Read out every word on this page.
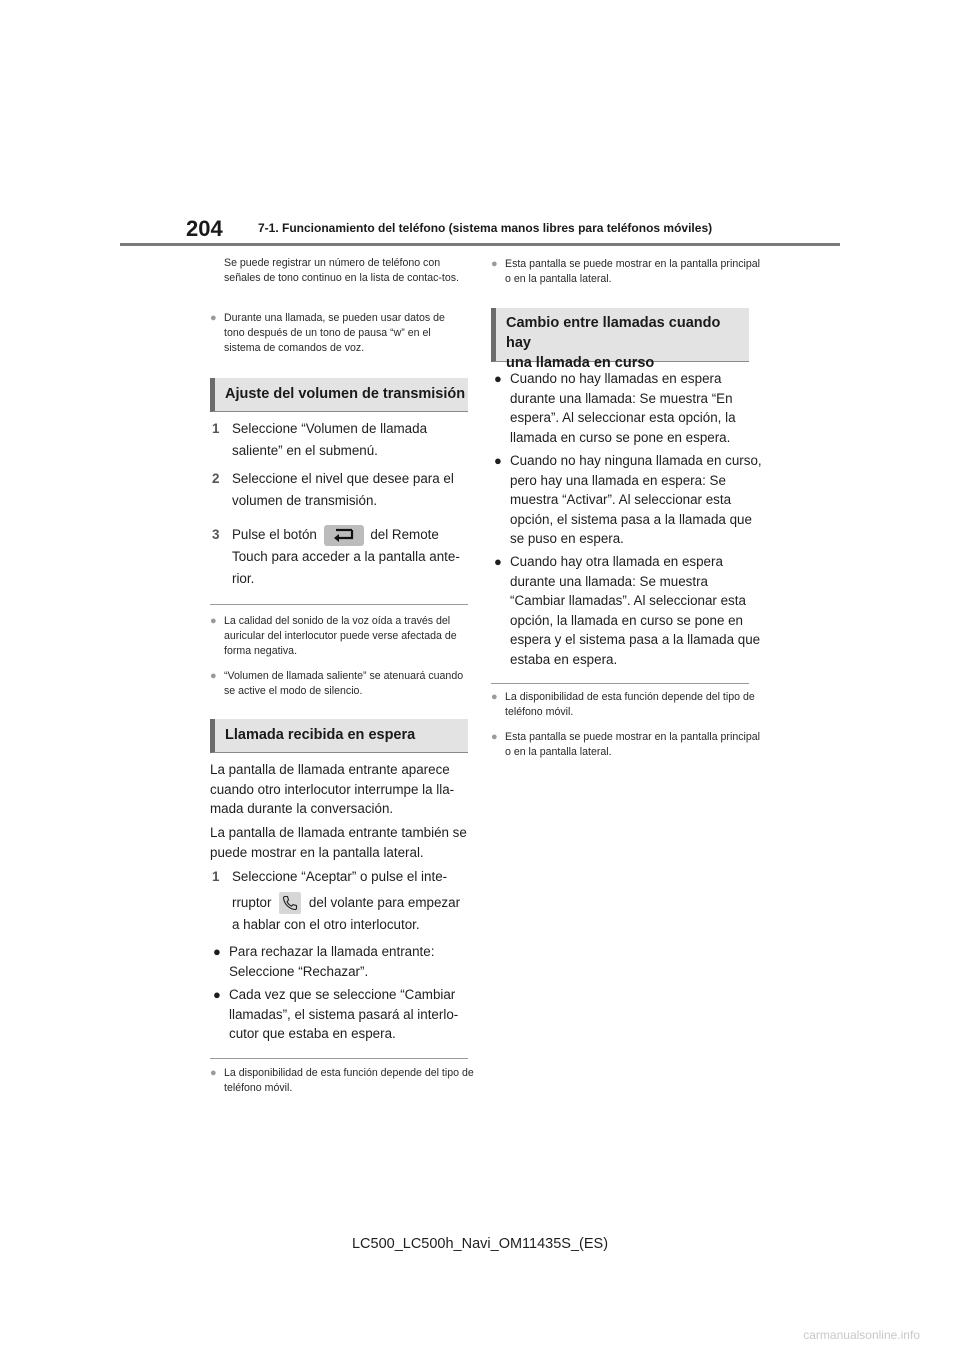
204	7-1. Funcionamiento del teléfono (sistema manos libres para teléfonos móviles)
Se puede registrar un número de teléfono con señales de tono continuo en la lista de contac-tos.
● Durante una llamada, se pueden usar datos de tono después de un tono de pausa “w” en el sistema de comandos de voz.
Ajuste del volumen de transmisión
1 Seleccione “Volumen de llamada
saliente” en el submenú.
2 Seleccione el nivel que desee para el
volumen de transmisión.
3 Pulse el botón	del Remote
Touch para acceder a la pantalla ante-
rior.
● La calidad del sonido de la voz oída a través del auricular del interlocutor puede verse afectada de forma negativa.
● “Volumen de llamada saliente” se atenuará cuando se active el modo de silencio.
Llamada recibida en espera
La pantalla de llamada entrante aparece cuando otro interlocutor interrumpe la lla-mada durante la conversación.
La pantalla de llamada entrante también se puede mostrar en la pantalla lateral.
1 Seleccione “Aceptar” o pulse el inte-
rruptor	del volante para empezar
a hablar con el otro interlocutor.
● Para rechazar la llamada entrante: Seleccione “Rechazar”.
● Cada vez que se seleccione “Cambiar llamadas”, el sistema pasará al interlo-cutor que estaba en espera.
● La disponibilidad de esta función depende del tipo de teléfono móvil.
● Esta pantalla se puede mostrar en la pantalla principal o en la pantalla lateral.
Cambio entre llamadas cuando hay
una llamada en curso
● Cuando no hay llamadas en espera durante una llamada: Se muestra “En espera”. Al seleccionar esta opción, la llamada en curso se pone en espera.
● Cuando no hay ninguna llamada en curso, pero hay una llamada en espera: Se muestra “Activar”. Al seleccionar esta opción, el sistema pasa a la llamada que se puso en espera.
● Cuando hay otra llamada en espera durante una llamada: Se muestra “Cambiar llamadas”. Al seleccionar esta opción, la llamada en curso se pone en espera y el sistema pasa a la llamada que estaba en espera.
● La disponibilidad de esta función depende del tipo de teléfono móvil.
● Esta pantalla se puede mostrar en la pantalla principal o en la pantalla lateral.
LC500_LC500h_Navi_OM11435S_(ES)
carmanualsonline.info
